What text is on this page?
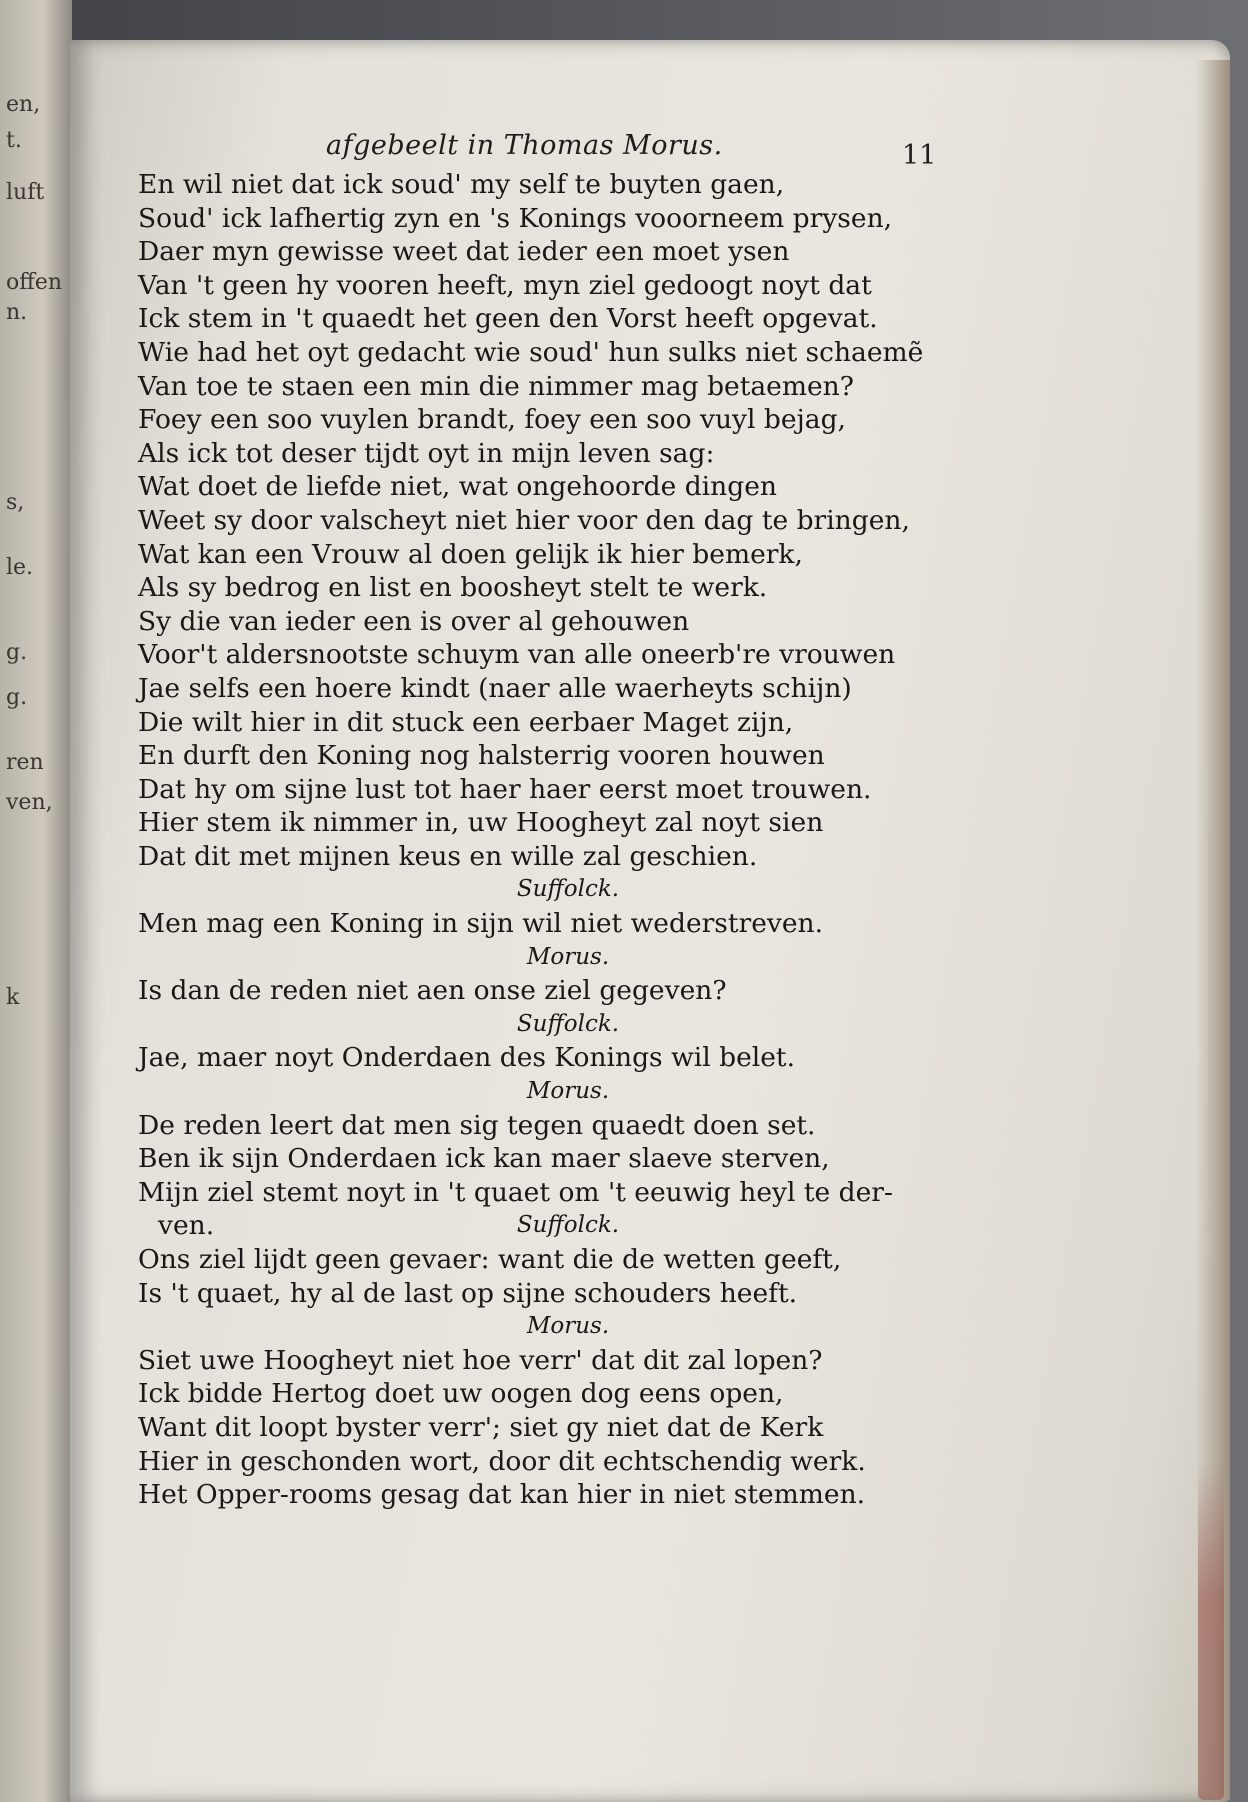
en,
t.
luft
offen
n.
s,
le.
g.
g.
ren
ven,
k
afgebeelt in Thomas Morus.	11
En wil niet dat ick soud' my self te buyten gaen,
Soud' ick lafhertig zyn en 's Konings vooorneem prysen,
Daer myn gewisse weet dat ieder een moet ysen
Van 't geen hy vooren heeft, myn ziel gedoogt noyt dat
Ick stem in 't quaedt het geen den Vorst heeft opgevat.
Wie had het oyt gedacht wie soud' hun sulks niet schaemẽ
Van toe te staen een min die nimmer mag betaemen?
Foey een soo vuylen brandt, foey een soo vuyl bejag,
Als ick tot deser tijdt oyt in mijn leven sag:
Wat doet de liefde niet, wat ongehoorde dingen
Weet sy door valscheyt niet hier voor den dag te bringen,
Wat kan een Vrouw al doen gelijk ik hier bemerk,
Als sy bedrog en list en boosheyt stelt te werk.
Sy die van ieder een is over al gehouwen
Voor't aldersnootste schuym van alle oneerb're vrouwen
Jae selfs een hoere kindt (naer alle waerheyts schijn)
Die wilt hier in dit stuck een eerbaer Maget zijn,
En durft den Koning nog halsterrig vooren houwen
Dat hy om sijne lust tot haer haer eerst moet trouwen.
Hier stem ik nimmer in, uw Hoogheyt zal noyt sien
Dat dit met mijnen keus en wille zal geschien.
Suffolck.
Men mag een Koning in sijn wil niet wederstreven.
Morus.
Is dan de reden niet aen onse ziel gegeven?
Suffolck.
Jae, maer noyt Onderdaen des Konings wil belet.
Morus.
De reden leert dat men sig tegen quaedt doen set.
Ben ik sijn Onderdaen ick kan maer slaeve sterven,
Mijn ziel stemt noyt in 't quaet om 't eeuwig heyl te der-
ven.	Suffolck.
Ons ziel lijdt geen gevaer: want die de wetten geeft,
Is 't quaet, hy al de last op sijne schouders heeft.
Morus.
Siet uwe Hoogheyt niet hoe verr' dat dit zal lopen?
Ick bidde Hertog doet uw oogen dog eens open,
Want dit loopt byster verr'; siet gy niet dat de Kerk
Hier in geschonden wort, door dit echtschendig werk.
Het Opper-rooms gesag dat kan hier in niet stemmen.
